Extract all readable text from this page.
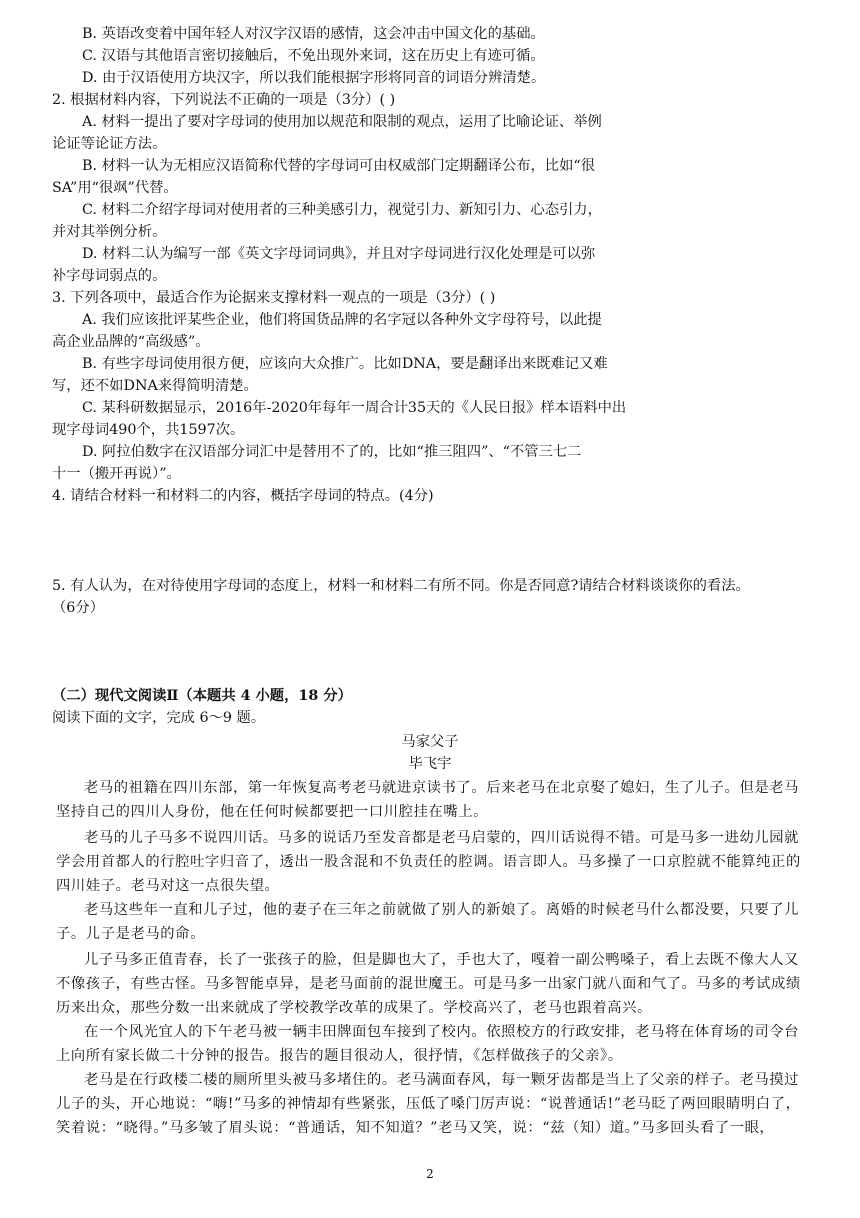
B. 英语改变着中国年轻人对汉字汉语的感情，这会冲击中国文化的基础。
C. 汉语与其他语言密切接触后，不免出现外来词，这在历史上有迹可循。
D. 由于汉语使用方块汉字，所以我们能根据字形将同音的词语分辨清楚。
2. 根据材料内容，下列说法不正确的一项是（3分）( )
A. 材料一提出了要对字母词的使用加以规范和限制的观点，运用了比喻论证、举例
论证等论证方法。
B. 材料一认为无相应汉语简称代替的字母词可由权威部门定期翻译公布，比如“很
SA”用“很飒”代替。
C. 材料二介绍字母词对使用者的三种美感引力，视觉引力、新知引力、心态引力，
并对其举例分析。
D. 材料二认为编写一部《英文字母词词典》，并且对字母词进行汉化处理是可以弥
补字母词弱点的。
3. 下列各项中，最适合作为论据来支撑材料一观点的一项是（3分）( )
A. 我们应该批评某些企业，他们将国货品牌的名字冠以各种外文字母符号，以此提
高企业品牌的“高级感”。
B. 有些字母词使用很方便，应该向大众推广。比如DNA，要是翻译出来既难记又难
写，还不如DNA来得简明清楚。
C. 某科研数据显示，2016年-2020年每年一周合计35天的《人民日报》样本语料中出
现字母词490个，共1597次。
D. 阿拉伯数字在汉语部分词汇中是替用不了的，比如“推三阻四”、“不管三七二
十一（搬开再说）”。
4. 请结合材料一和材料二的内容，概括字母词的特点。(4分)
5. 有人认为，在对待使用字母词的态度上，材料一和材料二有所不同。你是否同意?请结合材料谈谈你的看法。
（6分）
（二）现代文阅读Ⅱ（本题共 4 小题，18 分）
阅读下面的文字，完成 6～9 题。
马家父子
毕飞宇
老马的祖籍在四川东部，第一年恢复高考老马就进京读书了。后来老马在北京娶了媳妇，生了儿子。但是老马
坚持自己的四川人身份，他在任何时候都要把一口川腔挂在嘴上。
老马的儿子马多不说四川话。马多的说话乃至发音都是老马启蒙的，四川话说得不错。可是马多一进幼儿园就
学会用首都人的行腔吐字归音了，透出一股含混和不负责任的腔调。语言即人。马多操了一口京腔就不能算纯正的
四川娃子。老马对这一点很失望。
老马这些年一直和儿子过，他的妻子在三年之前就做了别人的新娘了。离婚的时候老马什么都没要，只要了儿
子。儿子是老马的命。
儿子马多正值青春，长了一张孩子的脸，但是脚也大了，手也大了，嘎着一副公鸭嗓子，看上去既不像大人又
不像孩子，有些古怪。马多智能卓异，是老马面前的混世魔王。可是马多一出家门就八面和气了。马多的考试成绩
历来出众，那些分数一出来就成了学校教学改革的成果了。学校高兴了，老马也跟着高兴。
在一个风光宜人的下午老马被一辆丰田牌面包车接到了校内。依照校方的行政安排，老马将在体育场的司令台
上向所有家长做二十分钟的报告。报告的题目很动人，很抒情，《怎样做孩子的父亲》。
老马是在行政楼二楼的厕所里头被马多堵住的。老马满面春风，每一颗牙齿都是当上了父亲的样子。老马摸过
儿子的头，开心地说：“嗨!”马多的神情却有些紧张，压低了嗓门厉声说：“说普通话!”老马眨了两回眼睛明白了，
笑着说：“晓得。”马多皱了眉头说：“普通话，知不知道？”老马又笑，说：“兹（知）道。”马多回头看了一眼，
2
